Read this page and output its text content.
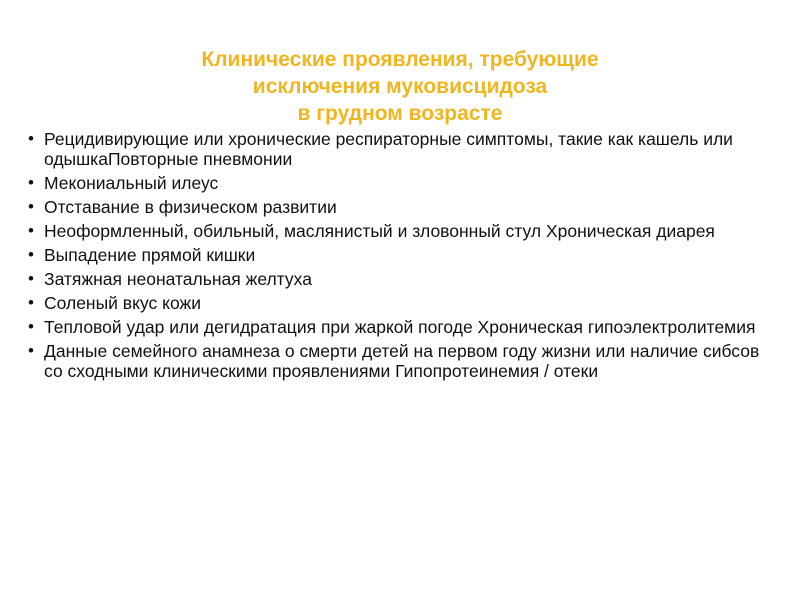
Клинические проявления, требующие
исключения муковисцидоза
в грудном возрасте
• Рецидивирующие или хронические респираторные симптомы, такие как кашель или одышкаПовторные пневмонии
• Мекониальный илеус
• Отставание в физическом развитии
• Неоформленный, обильный, маслянистый и зловонный стул Хроническая диарея
• Выпадение прямой кишки
• Затяжная неонатальная желтуха
• Соленый вкус кожи
• Тепловой удар или дегидратация при жаркой погоде Хроническая гипоэлектролитемия
• Данные семейного анамнеза о смерти детей на первом году жизни или наличие сибсов со сходными клиническими проявлениями Гипопротеинемия / отеки
